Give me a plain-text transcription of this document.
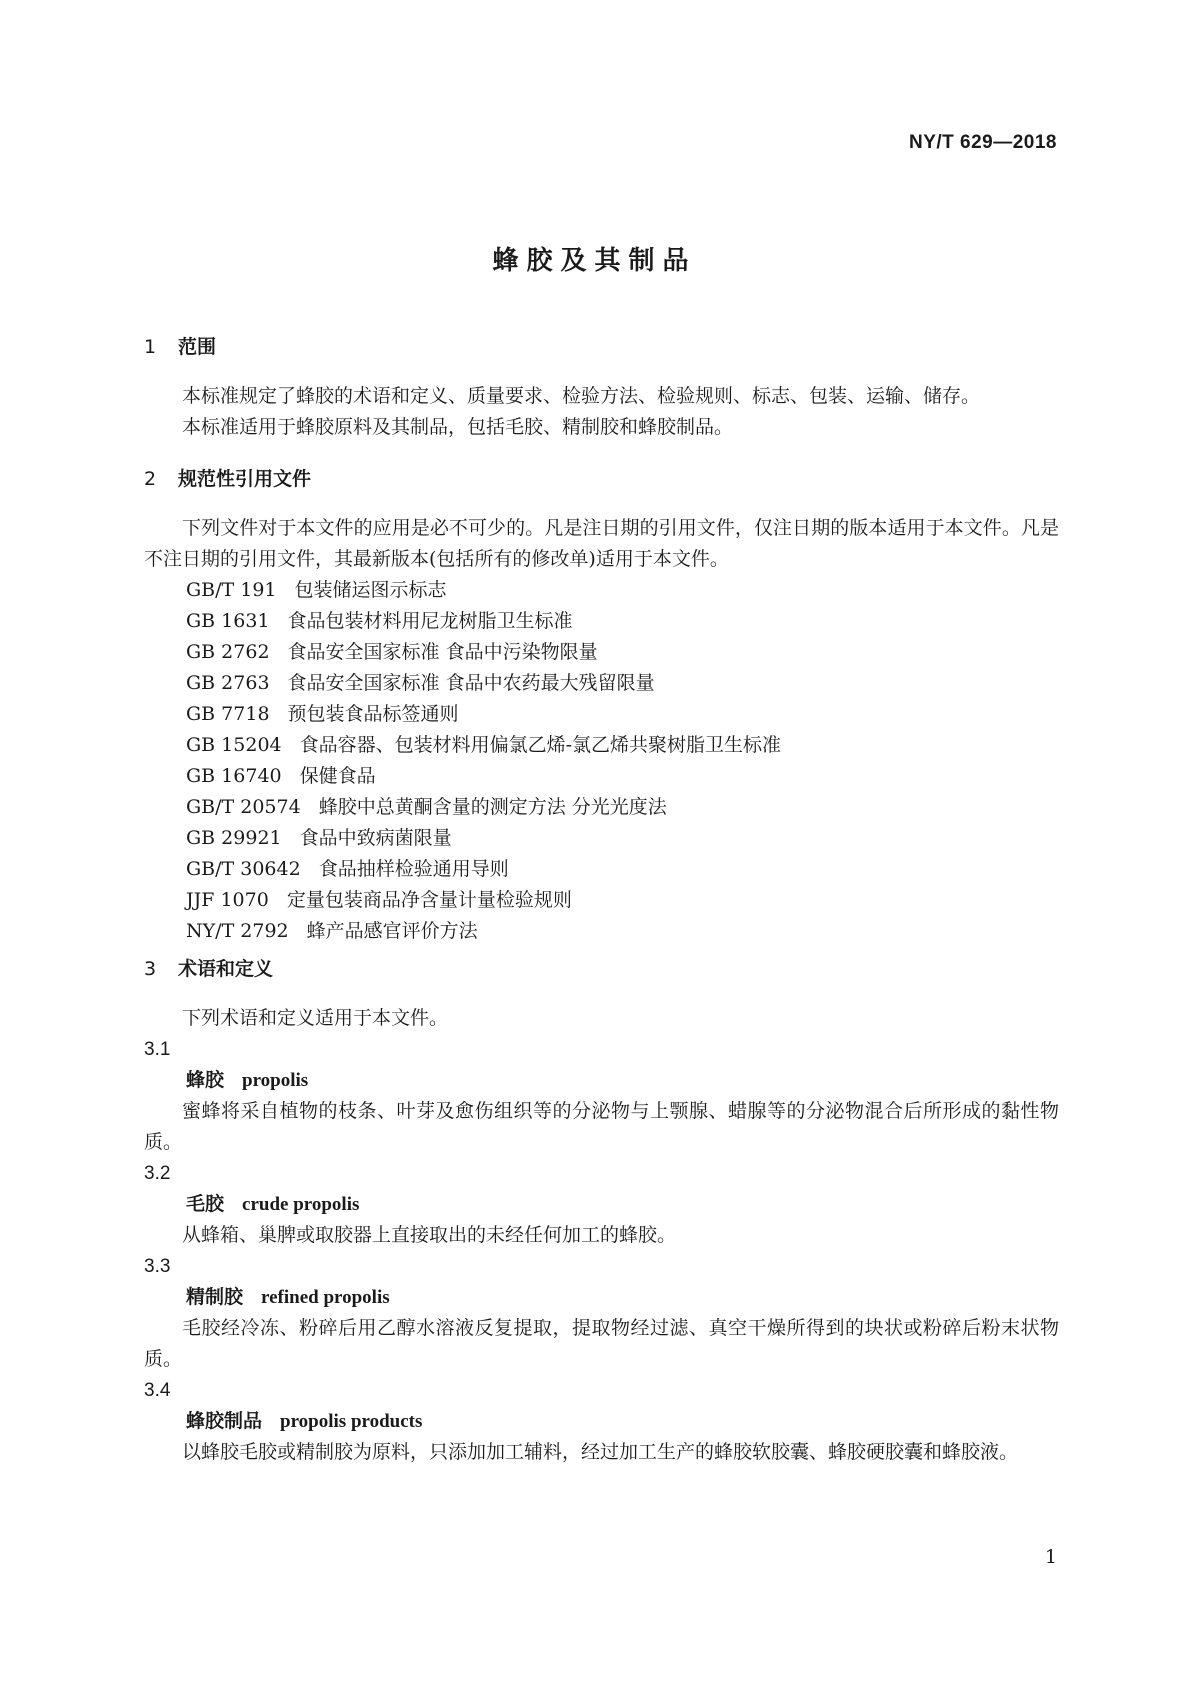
NY/T 629—2018
蜂胶及其制品
1 范围

本标准规定了蜂胶的术语和定义、质量要求、检验方法、检验规则、标志、包装、运输、储存。

本标准适用于蜂胶原料及其制品，包括毛胶、精制胶和蜂胶制品。

2 规范性引用文件

下列文件对于本文件的应用是必不可少的。凡是注日期的引用文件，仅注日期的版本适用于本文件。凡是不注日期的引用文件，其最新版本(包括所有的修改单)适用于本文件。

GB/T 191 包装储运图示标志

GB 1631 食品包装材料用尼龙树脂卫生标准

GB 2762 食品安全国家标准 食品中污染物限量

GB 2763 食品安全国家标准 食品中农药最大残留限量

GB 7718 预包装食品标签通则

GB 15204 食品容器、包装材料用偏氯乙烯-氯乙烯共聚树脂卫生标准

GB 16740 保健食品

GB/T 20574 蜂胶中总黄酮含量的测定方法 分光光度法

GB 29921 食品中致病菌限量

GB/T 30642 食品抽样检验通用导则

JJF 1070 定量包装商品净含量计量检验规则

NY/T 2792 蜂产品感官评价方法

3 术语和定义

下列术语和定义适用于本文件。

3.1

蜂胶 propolis

蜜蜂将采自植物的枝条、叶芽及愈伤组织等的分泌物与上颚腺、蜡腺等的分泌物混合后所形成的黏性物质。

3.2

毛胶 crude propolis

从蜂箱、巢脾或取胶器上直接取出的未经任何加工的蜂胶。

3.3

精制胶 refined propolis

毛胶经冷冻、粉碎后用乙醇水溶液反复提取，提取物经过滤、真空干燥所得到的块状或粉碎后粉末状物质。

3.4

蜂胶制品 propolis products

以蜂胶毛胶或精制胶为原料，只添加加工辅料，经过加工生产的蜂胶软胶囊、蜂胶硬胶囊和蜂胶液。

1
